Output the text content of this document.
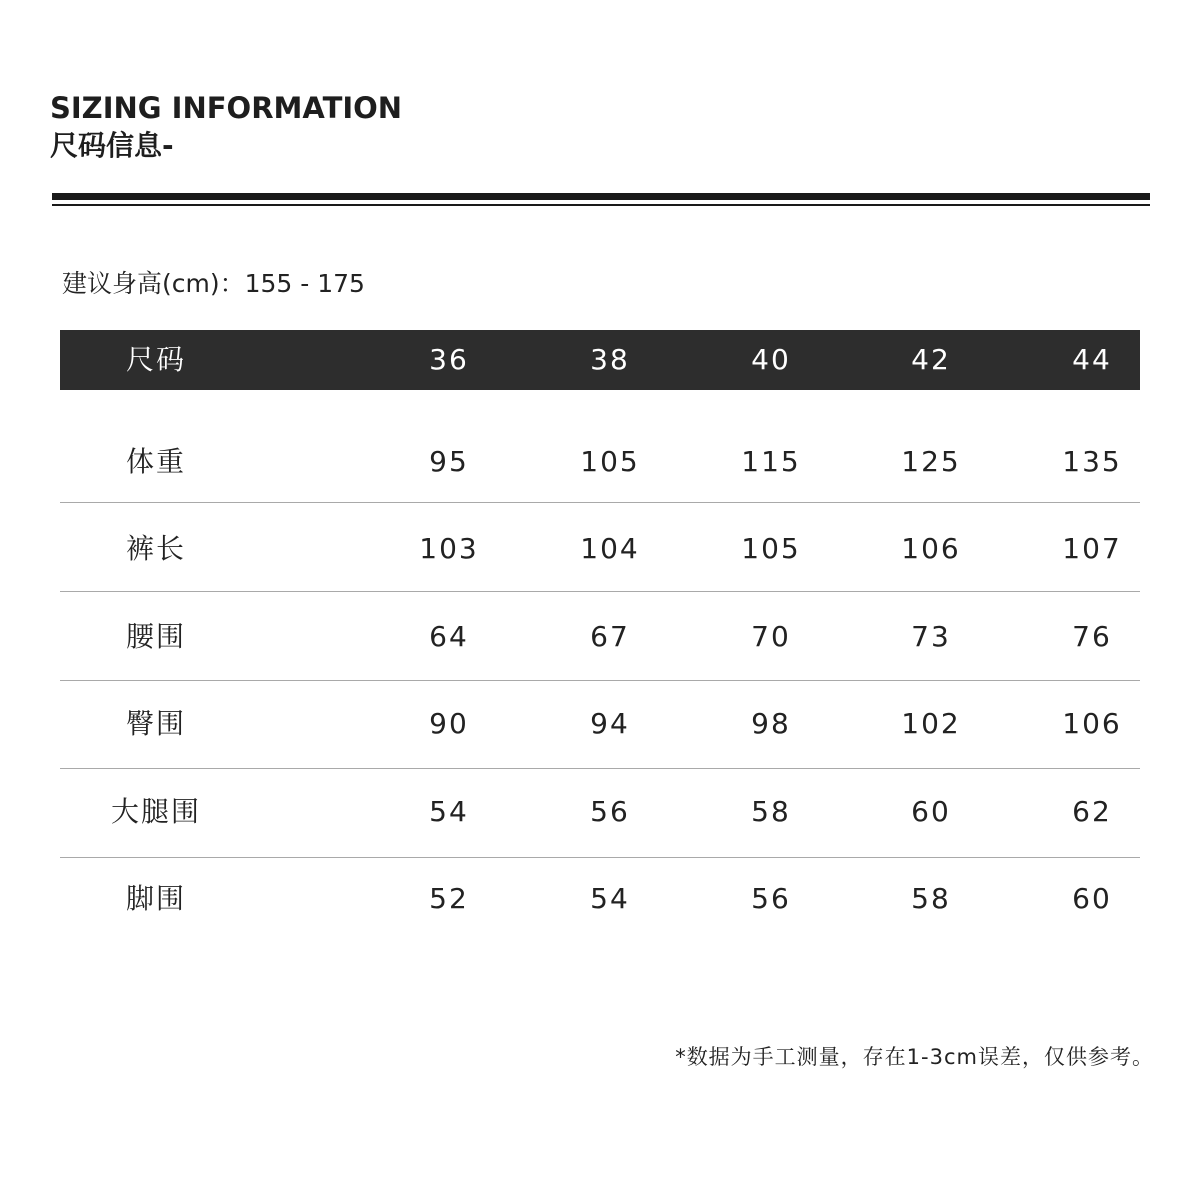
SIZING INFORMATION
尺码信息-
建议身高(cm)：155 - 175
尺码	36	38	40	42	44
体重	95	105	115	125	135
裤长	103	104	105	106	107
腰围	64	67	70	73	76
臀围	90	94	98	102	106
大腿围	54	56	58	60	62
脚围	52	54	56	58	60
*数据为手工测量，存在1-3cm误差，仅供参考。
